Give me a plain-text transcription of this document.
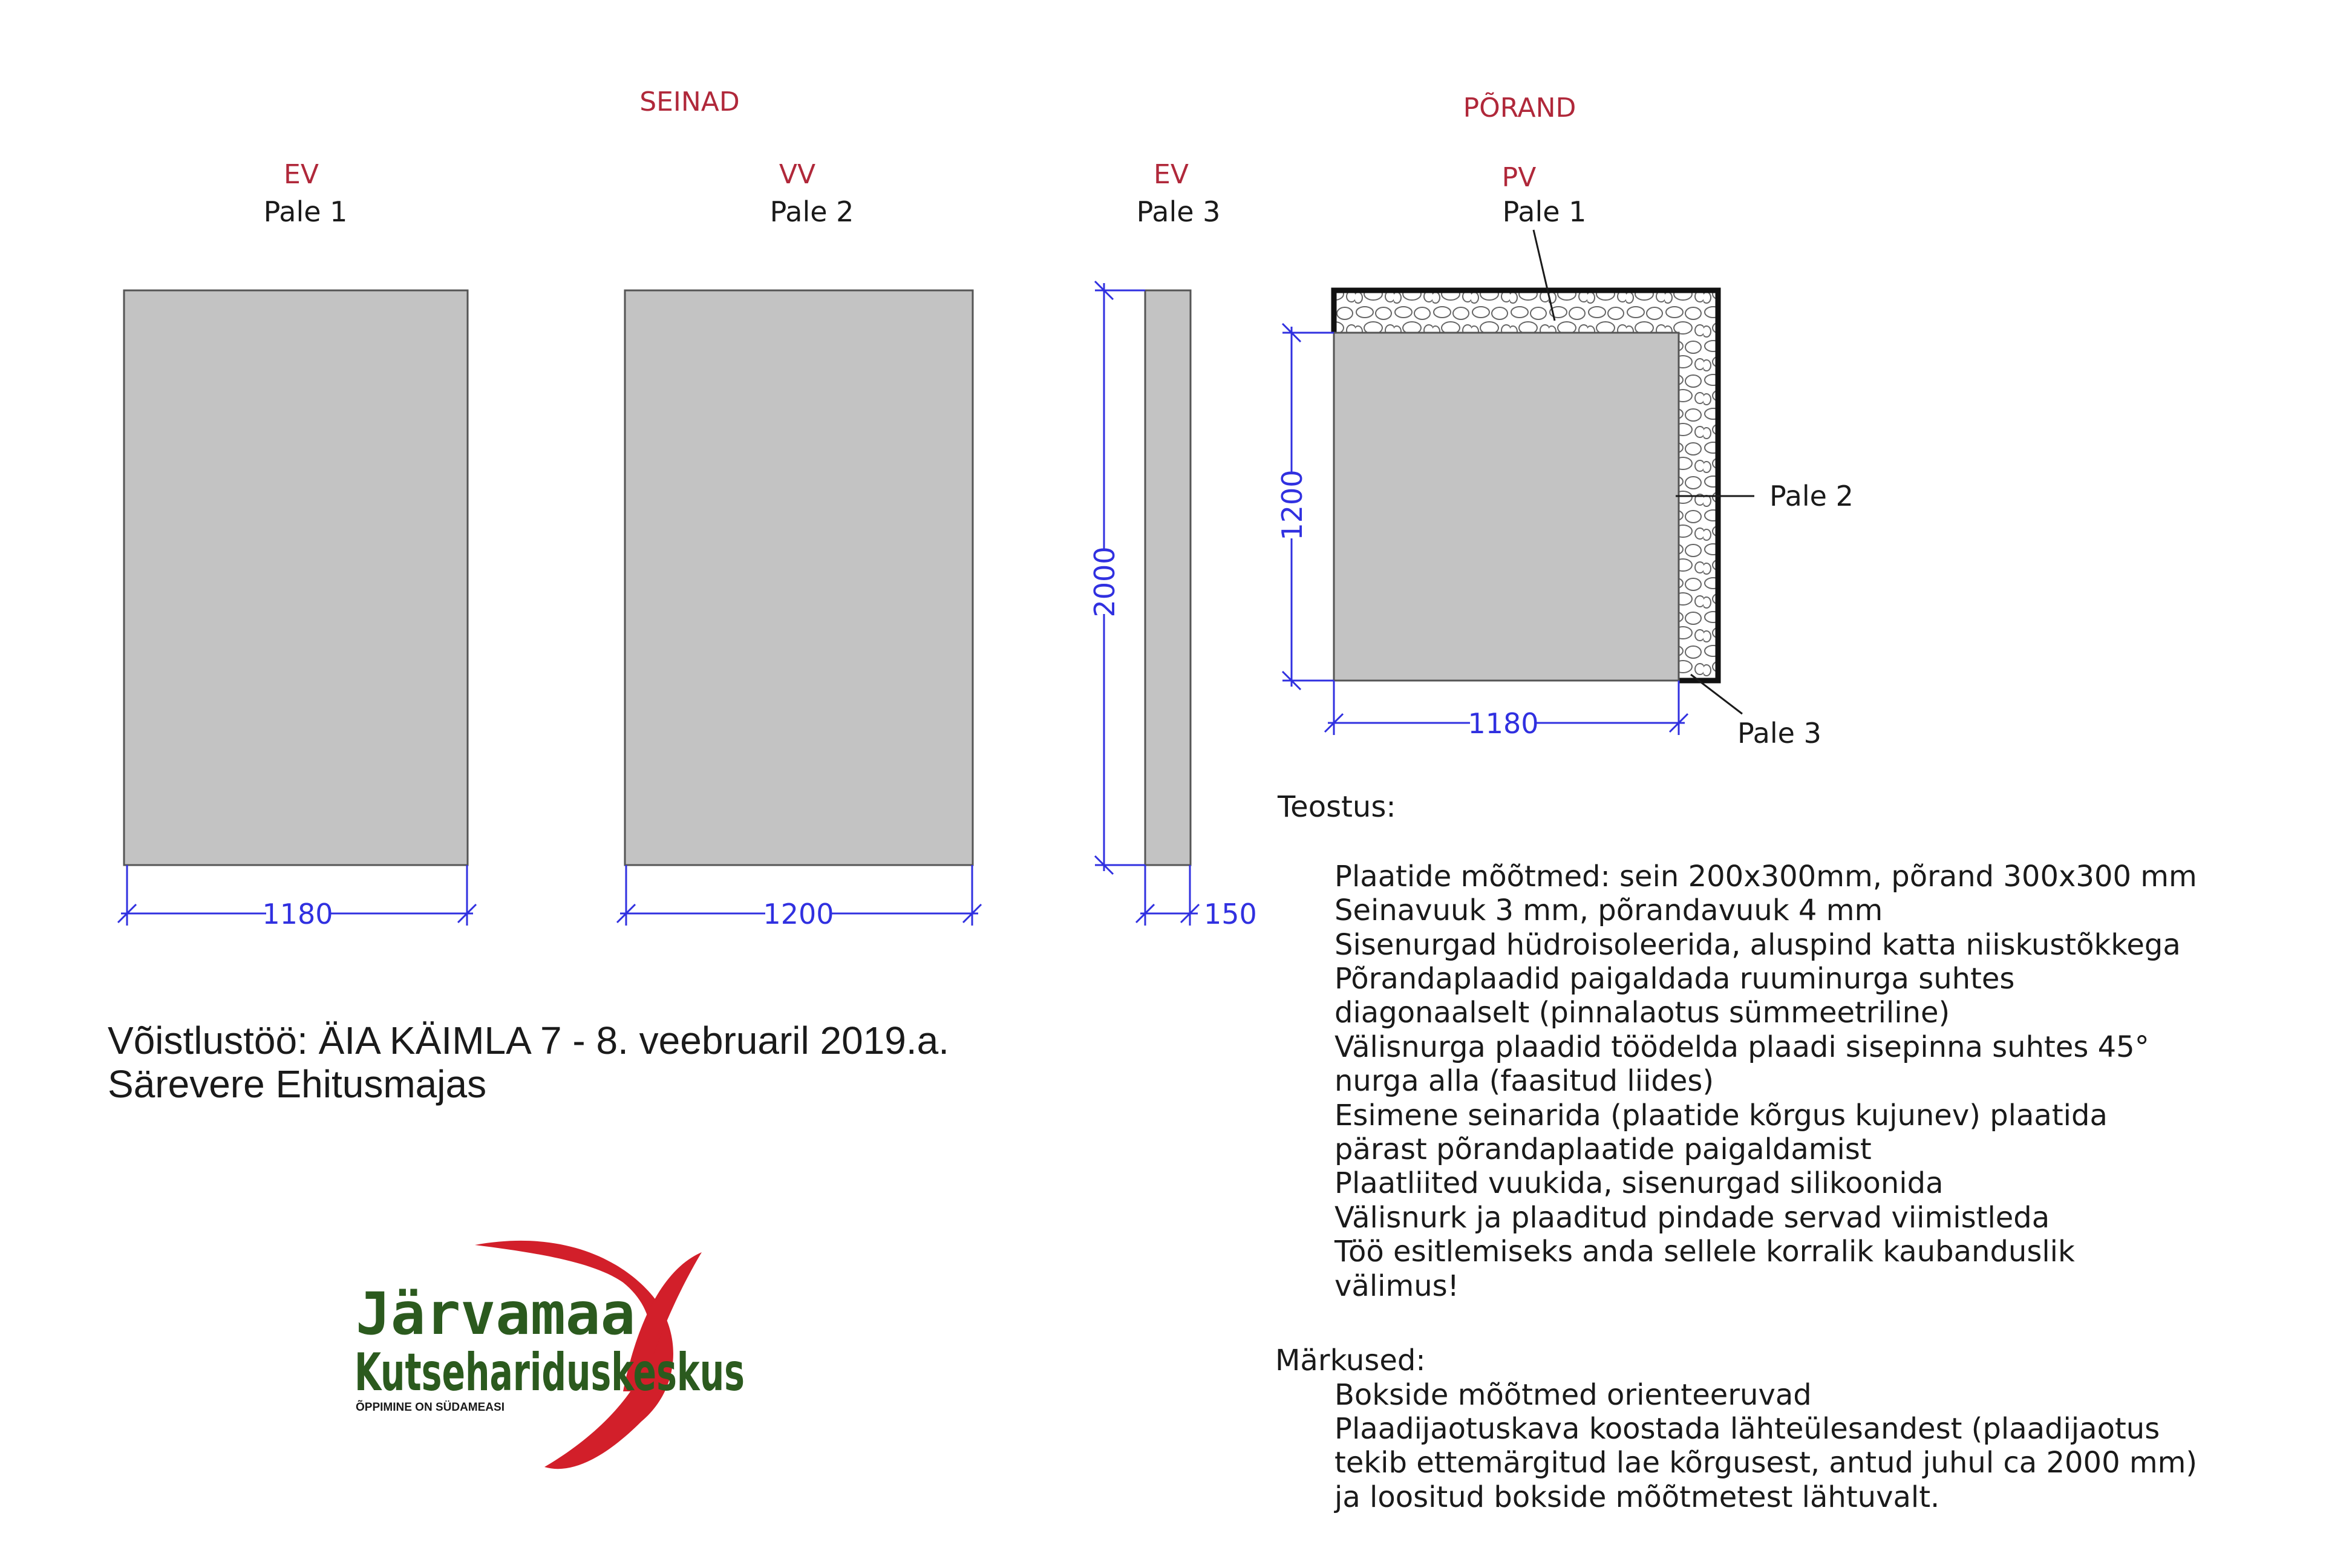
SEINAD
EV
Pale 1
1180
VV
Pale 2
1200
EV
Pale 3
2000
150
PÕRAND
PV
Pale 1
Pale 2
Pale 3
1200
1180
Võistlustöö: ÄIA KÄIMLA 7 - 8. veebruaril 2019.a.
Särevere Ehitusmajas
Järvamaa
Kutsehariduskeskus
ÕPPIMINE ON SÜDAMEASI
Teostus:
Plaatide mõõtmed: sein 200x300mm, põrand 300x300 mm
Seinavuuk 3 mm, põrandavuuk 4 mm
Sisenurgad hüdroisoleerida, aluspind katta niiskustõkkega
Põrandaplaadid paigaldada ruuminurga suhtes
diagonaalselt (pinnalaotus sümmeetriline)
Välisnurga plaadid töödelda plaadi sisepinna suhtes 45°
nurga alla (faasitud liides)
Esimene seinarida (plaatide kõrgus kujunev) plaatida
pärast põrandaplaatide paigaldamist
Plaatliited vuukida, sisenurgad silikoonida
Välisnurk ja plaaditud pindade servad viimistleda
Töö esitlemiseks anda sellele korralik kaubanduslik
välimus!
Märkused:
Bokside mõõtmed orienteeruvad
Plaadijaotuskava koostada lähteülesandest (plaadijaotus
tekib ettemärgitud lae kõrgusest, antud juhul ca 2000 mm)
ja loositud bokside mõõtmetest lähtuvalt.
